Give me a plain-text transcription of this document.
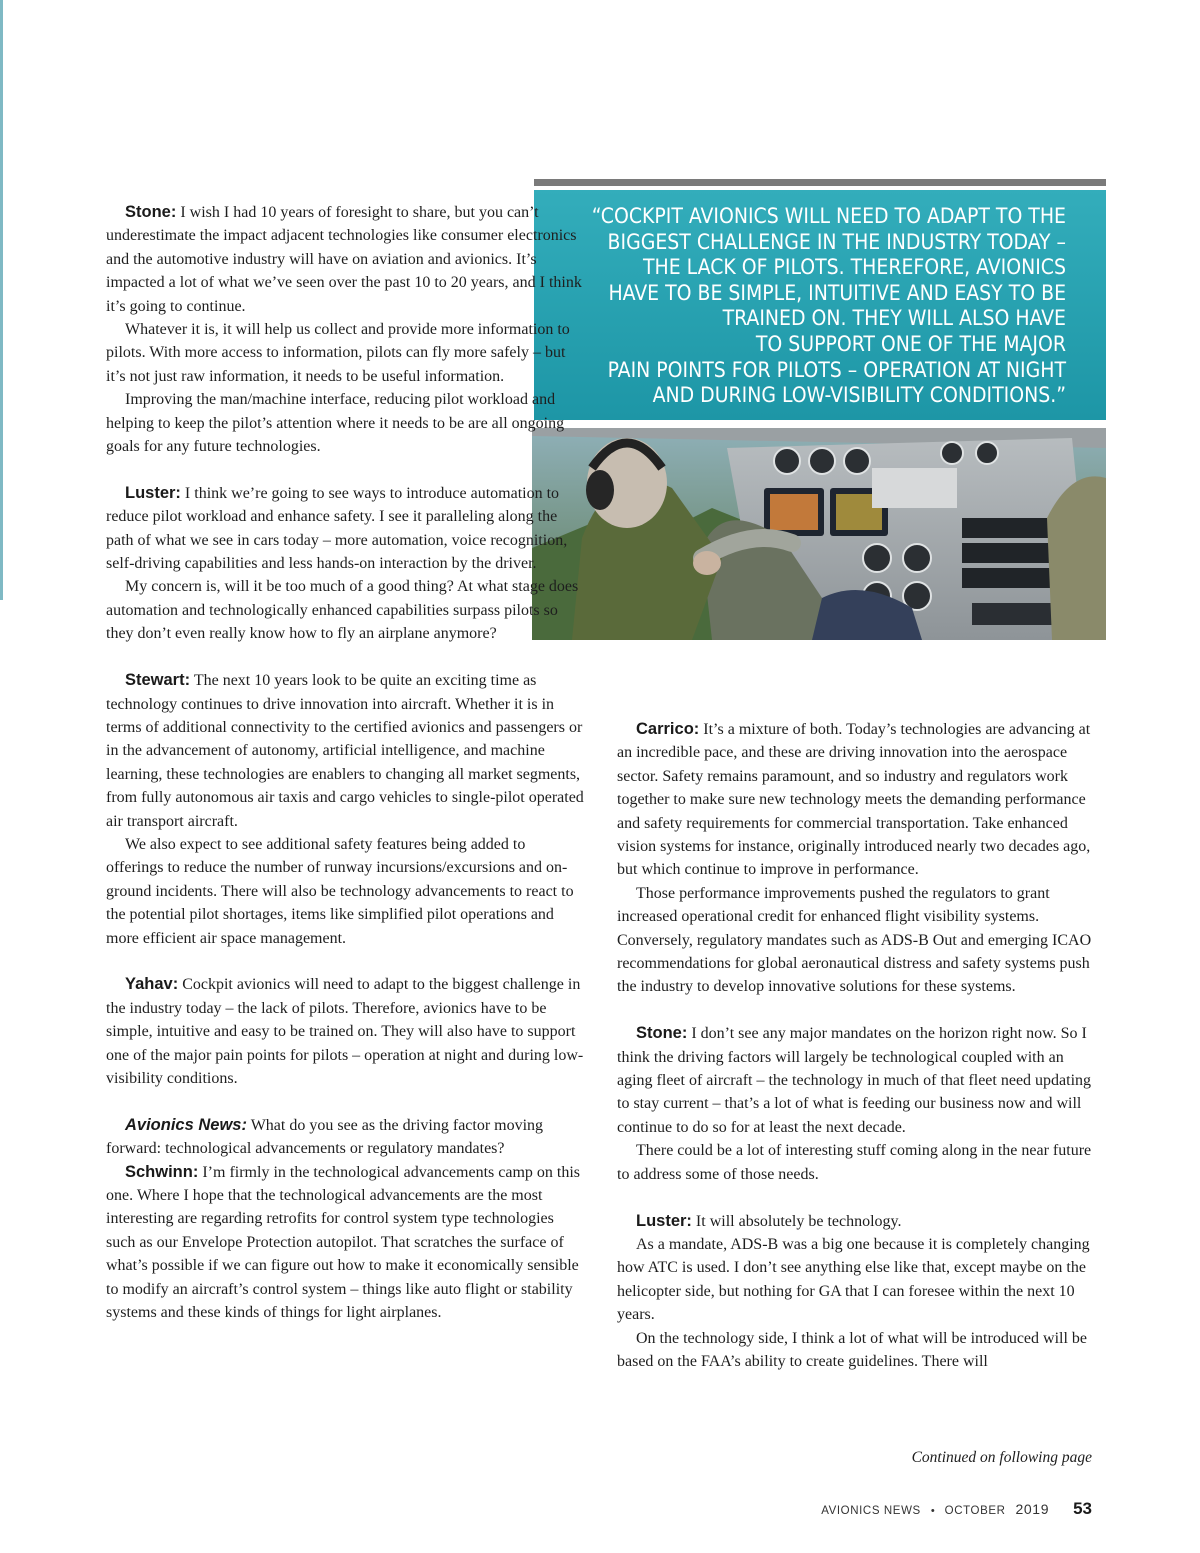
“COCKPIT AVIONICS WILL NEED TO ADAPT TO THE
BIGGEST CHALLENGE IN THE INDUSTRY TODAY –
THE LACK OF PILOTS. THEREFORE, AVIONICS
HAVE TO BE SIMPLE, INTUITIVE AND EASY TO BE
TRAINED ON. THEY WILL ALSO HAVE
TO SUPPORT ONE OF THE MAJOR
PAIN POINTS FOR PILOTS – OPERATION AT NIGHT
AND DURING LOW-VISIBILITY CONDITIONS.”

Stone: I wish I had 10 years of foresight to share, but you can’t underestimate the impact adjacent technologies like consumer electronics and the automotive industry will have on aviation and avionics. It’s impacted a lot of what we’ve seen over the past 10 to 20 years, and I think it’s going to continue.

Whatever it is, it will help us collect and provide more information to pilots. With more access to information, pilots can fly more safely – but it’s not just raw information, it needs to be useful information.

Improving the man/machine interface, reducing pilot workload and helping to keep the pilot’s attention where it needs to be are all ongoing goals for any future technologies.

Luster: I think we’re going to see ways to introduce automation to reduce pilot workload and enhance safety. I see it paralleling along the path of what we see in cars today – more automation, voice recognition, self-driving capabilities and less hands-on interaction by the driver.

My concern is, will it be too much of a good thing? At what stage does automation and technologically enhanced capabilities surpass pilots so they don’t even really know how to fly an airplane anymore?

Stewart: The next 10 years look to be quite an exciting time as technology continues to drive innovation into aircraft. Whether it is in terms of additional connectivity to the certified avionics and passengers or in the advancement of autonomy, artificial intelligence, and machine learning, these technologies are enablers to changing all market segments, from fully autonomous air taxis and cargo vehicles to single-pilot operated air transport aircraft.

We also expect to see additional safety features being added to offerings to reduce the number of runway incursions/excursions and on-ground incidents. There will also be technology advancements to react to the potential pilot shortages, items like simplified pilot operations and more efficient air space management.

Yahav: Cockpit avionics will need to adapt to the biggest challenge in the industry today – the lack of pilots. Therefore, avionics have to be simple, intuitive and easy to be trained on. They will also have to support one of the major pain points for pilots – operation at night and during low-visibility conditions.

Avionics News: What do you see as the driving factor moving forward: technological advancements or regulatory mandates?

Schwinn: I’m firmly in the technological advancements camp on this one. Where I hope that the technological advancements are the most interesting are regarding retrofits for control system type technologies such as our Envelope Protection autopilot. That scratches the surface of what’s possible if we can figure out how to make it economically sensible to modify an aircraft’s control system – things like auto flight or stability systems and these kinds of things for light airplanes.

Carrico: It’s a mixture of both. Today’s technologies are advancing at an incredible pace, and these are driving innovation into the aerospace sector. Safety remains paramount, and so industry and regulators work together to make sure new technology meets the demanding performance and safety requirements for commercial transportation. Take enhanced vision systems for instance, originally introduced nearly two decades ago, but which continue to improve in performance.

Those performance improvements pushed the regulators to grant increased operational credit for enhanced flight visibility systems. Conversely, regulatory mandates such as ADS-B Out and emerging ICAO recommendations for global aeronautical distress and safety systems push the industry to develop innovative solutions for these systems.

Stone: I don’t see any major mandates on the horizon right now. So I think the driving factors will largely be technological coupled with an aging fleet of aircraft – the technology in much of that fleet need updating to stay current – that’s a lot of what is feeding our business now and will continue to do so for at least the next decade.

There could be a lot of interesting stuff coming along in the near future to address some of those needs.

Luster: It will absolutely be technology.

As a mandate, ADS-B was a big one because it is completely changing how ATC is used. I don’t see anything else like that, except maybe on the helicopter side, but nothing for GA that I can foresee within the next 10 years.

On the technology side, I think a lot of what will be introduced will be based on the FAA’s ability to create guidelines. There will

Continued on following page
AVIONICS NEWS • OCTOBER 2019 53
